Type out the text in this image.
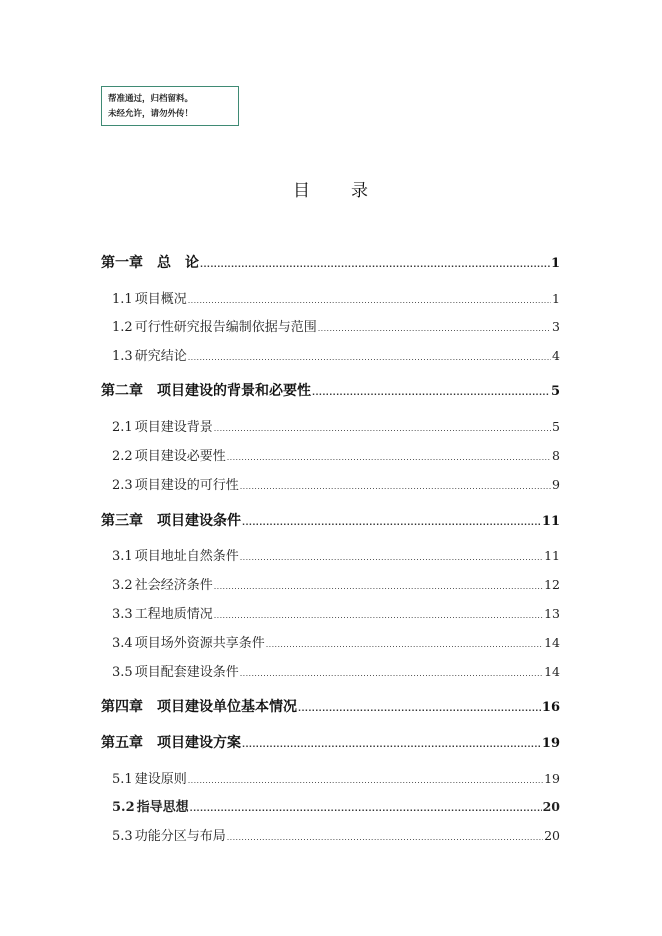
帮准通过，归档留料。
未经允许，请勿外传！
目 录
第一章　总　论 .....	1
1.1 项目概况 .....	1
1.2 可行性研究报告编制依据与范围 .....	3
1.3 研究结论 .....	4
第二章　项目建设的背景和必要性 .....	5
2.1 项目建设背景 .....	5
2.2 项目建设必要性 .....	8
2.3 项目建设的可行性 .....	9
第三章　项目建设条件 .....	11
3.1 项目地址自然条件 .....	11
3.2 社会经济条件 .....	12
3.3 工程地质情况 .....	13
3.4 项目场外资源共享条件 .....	14
3.5 项目配套建设条件 .....	14
第四章　项目建设单位基本情况 .....	16
第五章　项目建设方案 .....	19
5.1 建设原则 .....	19
5.2 指导思想 .....	20
5.3 功能分区与布局 .....	20
